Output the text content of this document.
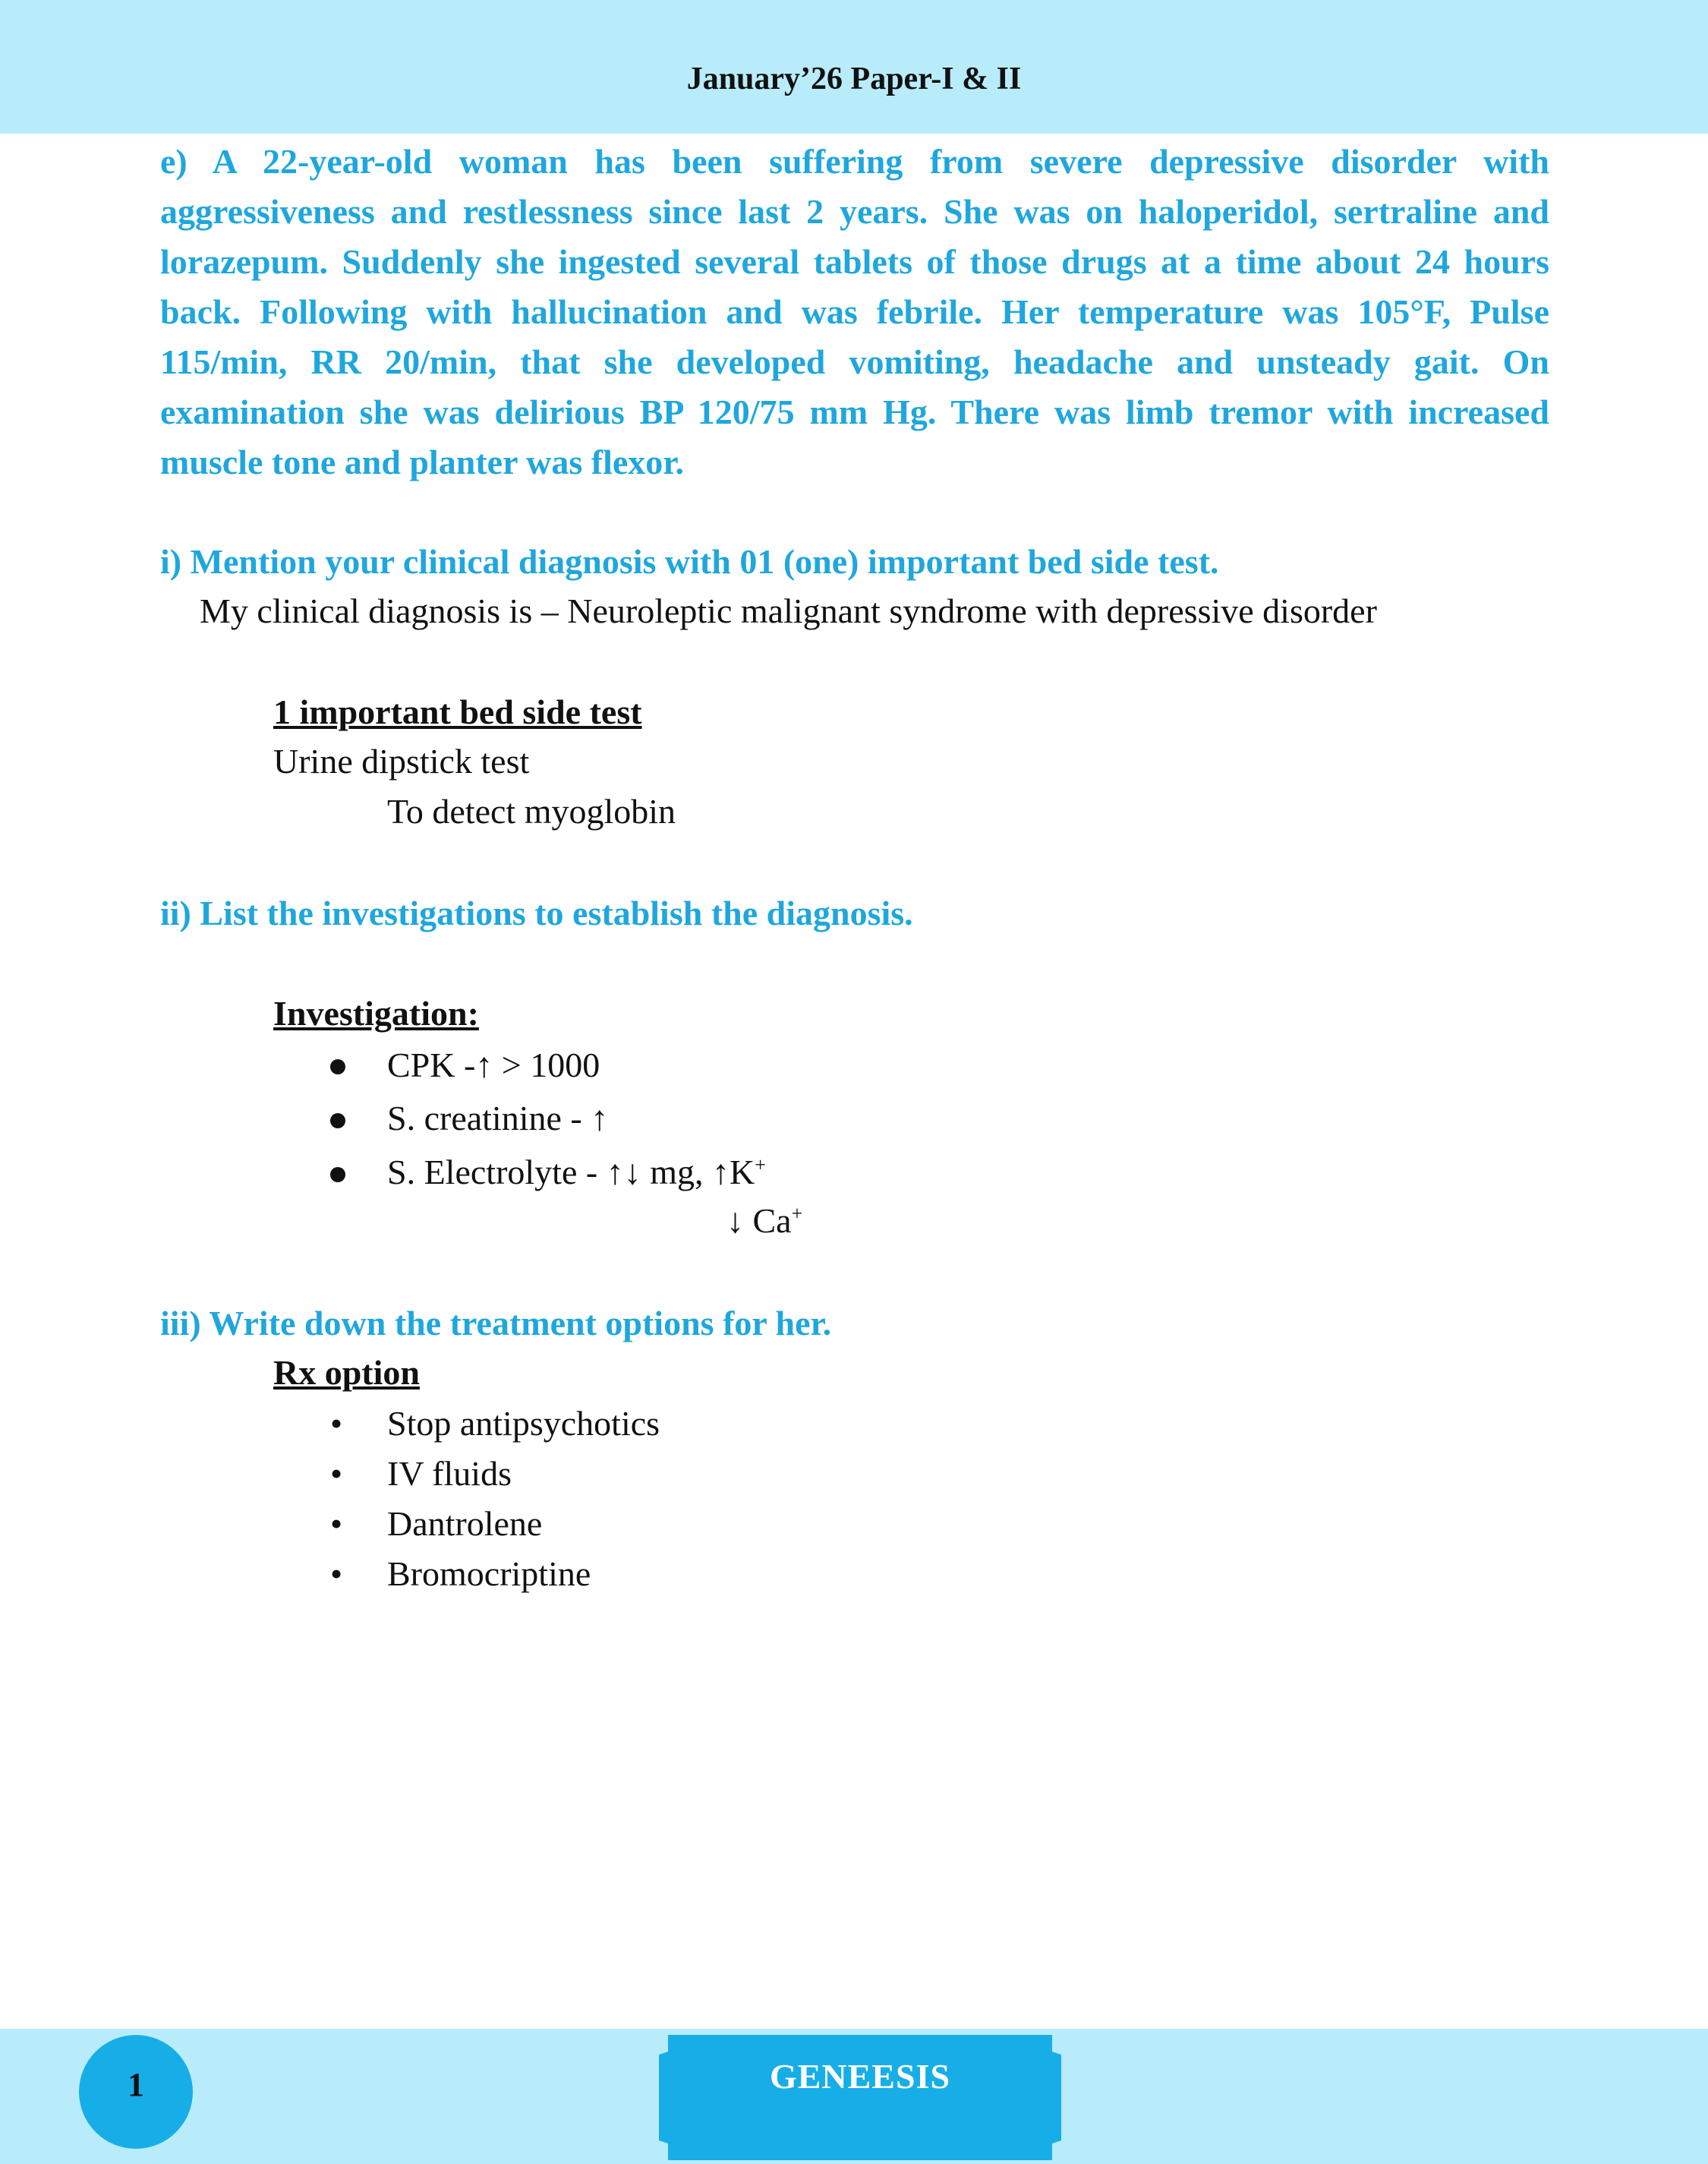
January’26 Paper-I & II

e) A 22-year-old woman has been suffering from severe depressive disorder with aggressiveness and restlessness since last 2 years. She was on haloperidol, sertraline and lorazepum. Suddenly she ingested several tablets of those drugs at a time about 24 hours back. Following with hallucination and was febrile. Her temperature was 105°F, Pulse 115/min, RR 20/min, that she developed vomiting, headache and unsteady gait. On examination she was delirious BP 120/75 mm Hg. There was limb tremor with increased muscle tone and planter was flexor.

i) Mention your clinical diagnosis with 01 (one) important bed side test.
My clinical diagnosis is – Neuroleptic malignant syndrome with depressive disorder
1 important bed side test
Urine dipstick test
To detect myoglobin
ii) List the investigations to establish the diagnosis.
Investigation:
CPK -↑ > 1000
S. creatinine - ↑
S. Electrolyte - ↑↓ mg, ↑K+
↓ Ca+
iii) Write down the treatment options for her.
Rx option
• Stop antipsychotics
• IV fluids
• Dantrolene
• Bromocriptine
1	GENEESIS
